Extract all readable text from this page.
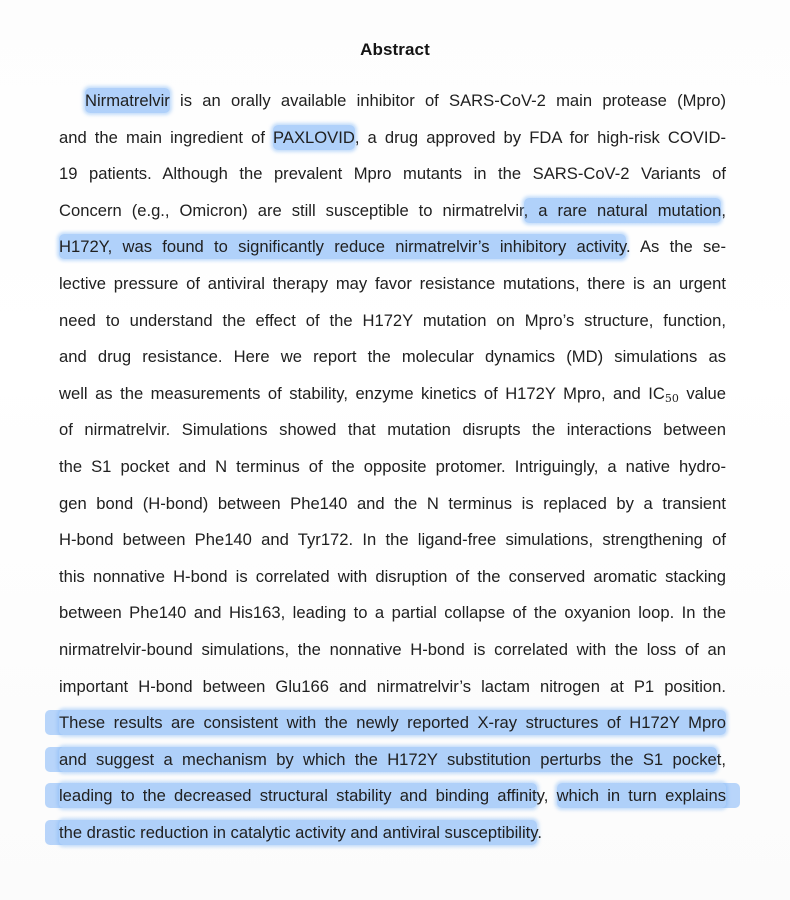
Abstract
Nirmatrelvir is an orally available inhibitor of SARS-CoV-2 main protease (Mpro)
and the main ingredient of PAXLOVID, a drug approved by FDA for high-risk COVID-
19 patients. Although the prevalent Mpro mutants in the SARS-CoV-2 Variants of
Concern (e.g., Omicron) are still susceptible to nirmatrelvir, a rare natural mutation,
H172Y, was found to significantly reduce nirmatrelvir’s inhibitory activity. As the se-
lective pressure of antiviral therapy may favor resistance mutations, there is an urgent
need to understand the effect of the H172Y mutation on Mpro’s structure, function,
and drug resistance. Here we report the molecular dynamics (MD) simulations as
well as the measurements of stability, enzyme kinetics of H172Y Mpro, and $IC_{50}$ value
of nirmatrelvir. Simulations showed that mutation disrupts the interactions between
the S1 pocket and N terminus of the opposite protomer. Intriguingly, a native hydro-
gen bond (H-bond) between Phe140 and the N terminus is replaced by a transient
H-bond between Phe140 and Tyr172. In the ligand-free simulations, strengthening of
this nonnative H-bond is correlated with disruption of the conserved aromatic stacking
between Phe140 and His163, leading to a partial collapse of the oxyanion loop. In the
nirmatrelvir-bound simulations, the nonnative H-bond is correlated with the loss of an
important H-bond between Glu166 and nirmatrelvir’s lactam nitrogen at P1 position.
These results are consistent with the newly reported X-ray structures of H172Y Mpro
and suggest a mechanism by which the H172Y substitution perturbs the S1 pocket,
leading to the decreased structural stability and binding affinity, which in turn explains
the drastic reduction in catalytic activity and antiviral susceptibility.
